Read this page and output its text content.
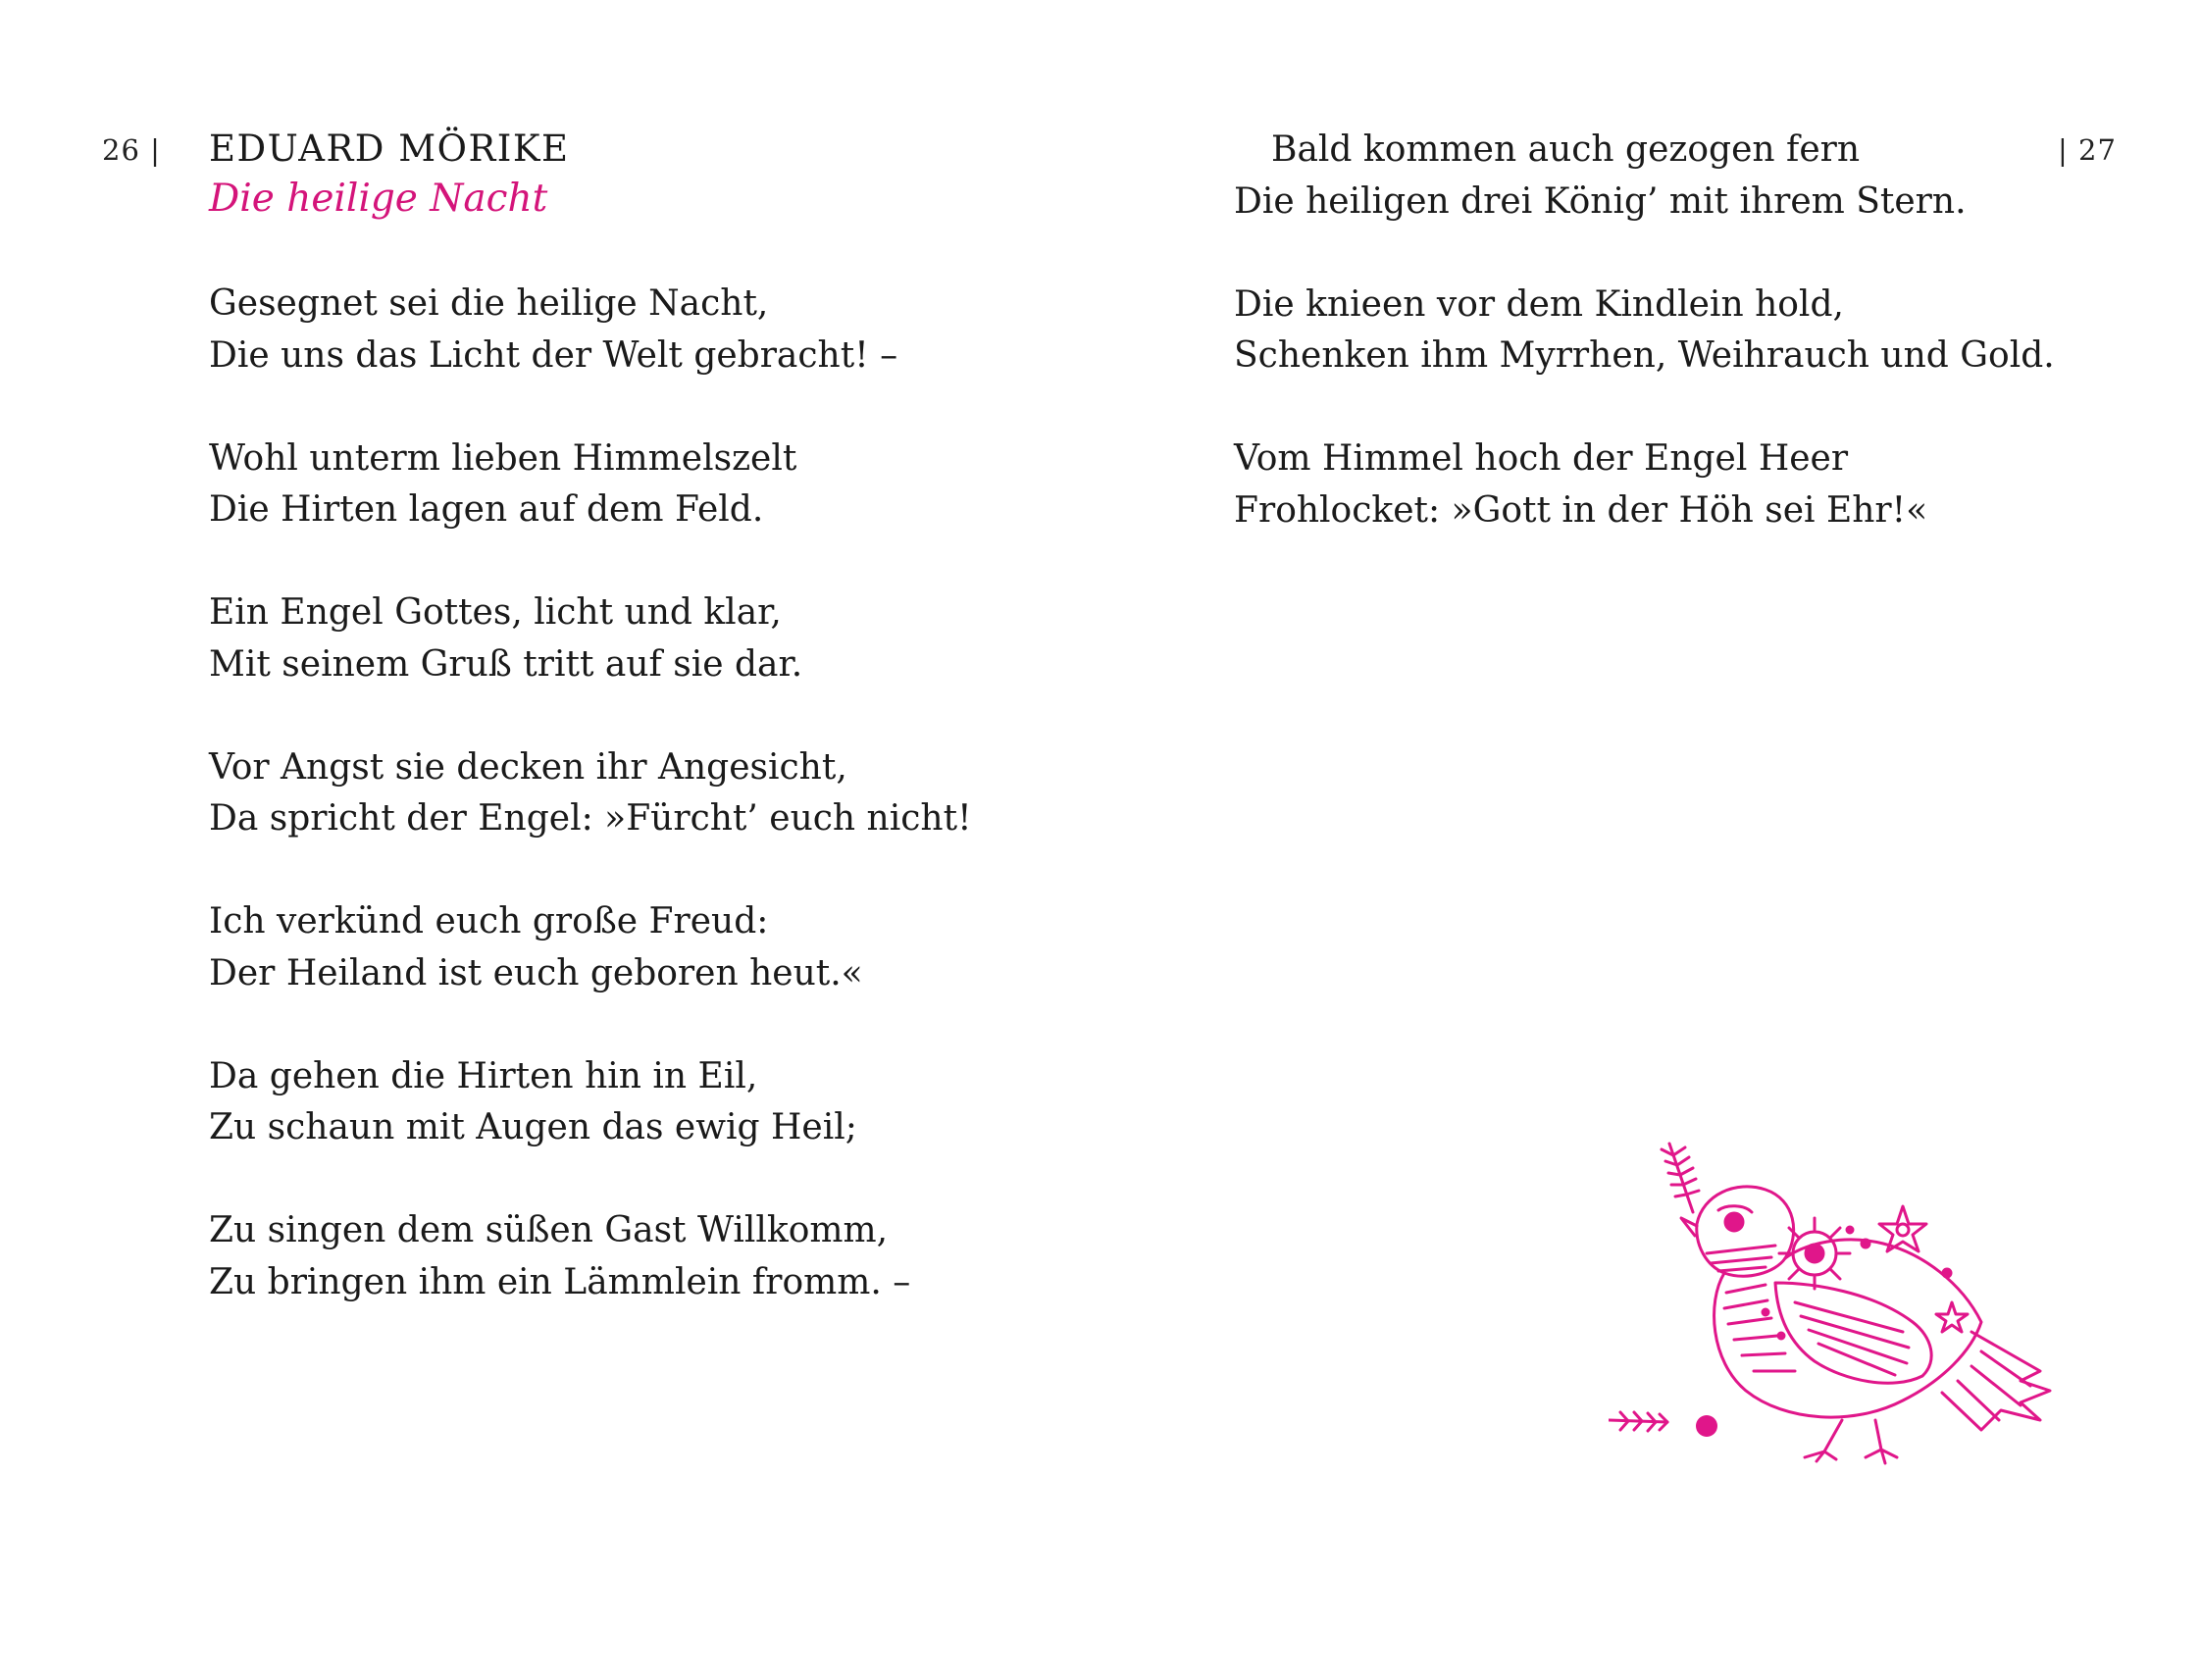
26 | EDUARD MÖRIKE
Die heilige Nacht
Gesegnet sei die heilige Nacht,
Die uns das Licht der Welt gebracht! –
Wohl unterm lieben Himmelszelt
Die Hirten lagen auf dem Feld.
Ein Engel Gottes, licht und klar,
Mit seinem Gruß tritt auf sie dar.
Vor Angst sie decken ihr Angesicht,
Da spricht der Engel: »Fürcht’ euch nicht!
Ich verkünd euch große Freud:
Der Heiland ist euch geboren heut.«
Da gehen die Hirten hin in Eil,
Zu schaun mit Augen das ewig Heil;
Zu singen dem süßen Gast Willkomm,
Zu bringen ihm ein Lämmlein fromm. –
| 27
Bald kommen auch gezogen fern
Die heiligen drei König’ mit ihrem Stern.
Die knieen vor dem Kindlein hold,
Schenken ihm Myrrhen, Weihrauch und Gold.
Vom Himmel hoch der Engel Heer
Frohlocket: »Gott in der Höh sei Ehr!«
